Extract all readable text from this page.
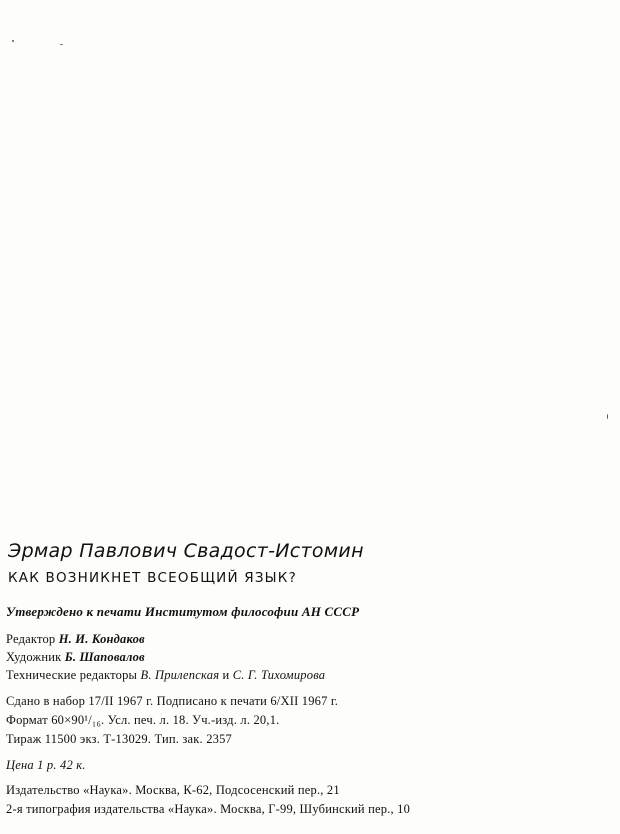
Эрмар Павлович Свадост-Истомин
КАК ВОЗНИКНЕТ ВСЕОБЩИЙ ЯЗЫК?
Утверждено к печати Институтом философии АН СССР
Редактор Н. И. Кондаков
Художник Б. Шаповалов
Технические редакторы В. Прилепская и С. Г. Тихомирова
Сдано в набор 17/II 1967 г. Подписано к печати 6/XII 1967 г.
Формат 60×90¹/₁₆. Усл. печ. л. 18. Уч.-изд. л. 20,1.
Тираж 11500 экз. Т-13029. Тип. зак. 2357
Цена 1 р. 42 к.
Издательство «Наука». Москва, К-62, Подсосенский пер., 21
2-я типография издательства «Наука». Москва, Г-99, Шубинский пер., 10
